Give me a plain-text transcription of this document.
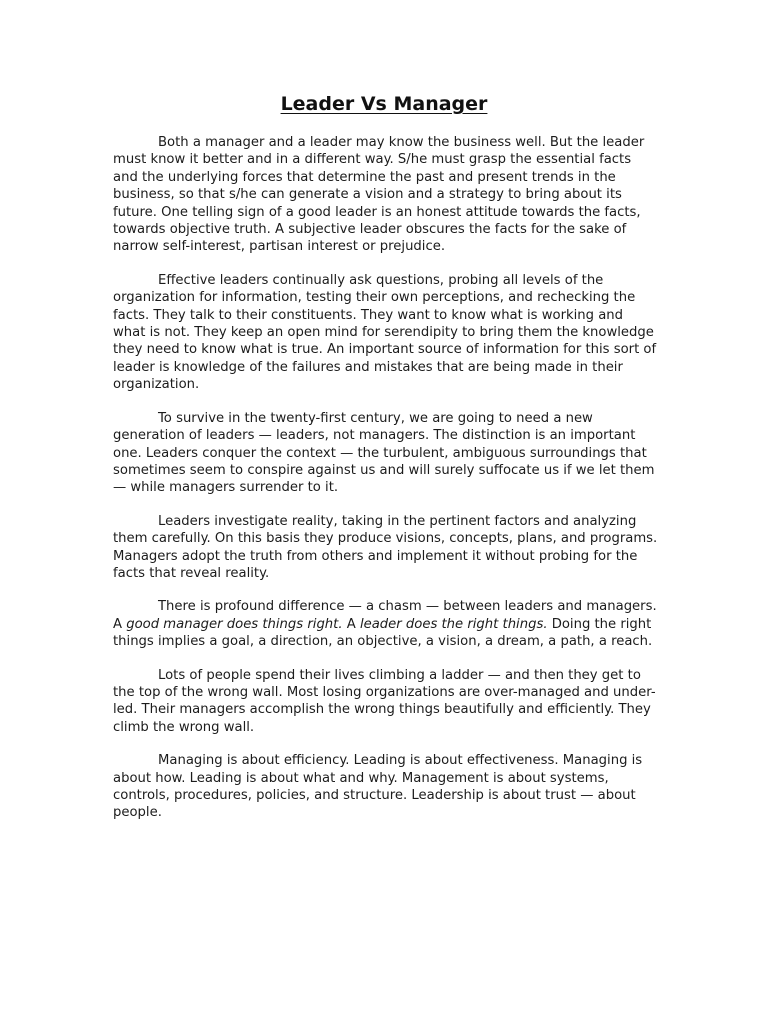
Leader Vs Manager

Both a manager and a leader may know the business well. But the leader must know it better and in a different way. S/he must grasp the essential facts and the underlying forces that determine the past and present trends in the business, so that s/he can generate a vision and a strategy to bring about its future. One telling sign of a good leader is an honest attitude towards the facts, towards objective truth. A subjective leader obscures the facts for the sake of narrow self-interest, partisan interest or prejudice.

Effective leaders continually ask questions, probing all levels of the organization for information, testing their own perceptions, and rechecking the facts. They talk to their constituents. They want to know what is working and what is not. They keep an open mind for serendipity to bring them the knowledge they need to know what is true. An important source of information for this sort of leader is knowledge of the failures and mistakes that are being made in their organization.

To survive in the twenty-first century, we are going to need a new generation of leaders — leaders, not managers. The distinction is an important one. Leaders conquer the context — the turbulent, ambiguous surroundings that sometimes seem to conspire against us and will surely suffocate us if we let them — while managers surrender to it.

Leaders investigate reality, taking in the pertinent factors and analyzing them carefully. On this basis they produce visions, concepts, plans, and programs. Managers adopt the truth from others and implement it without probing for the facts that reveal reality.

There is profound difference — a chasm — between leaders and managers. A good manager does things right. A leader does the right things. Doing the right things implies a goal, a direction, an objective, a vision, a dream, a path, a reach.

Lots of people spend their lives climbing a ladder — and then they get to the top of the wrong wall. Most losing organizations are over-managed and under-led. Their managers accomplish the wrong things beautifully and efficiently. They climb the wrong wall.

Managing is about efficiency. Leading is about effectiveness. Managing is about how. Leading is about what and why. Management is about systems, controls, procedures, policies, and structure. Leadership is about trust — about people.
